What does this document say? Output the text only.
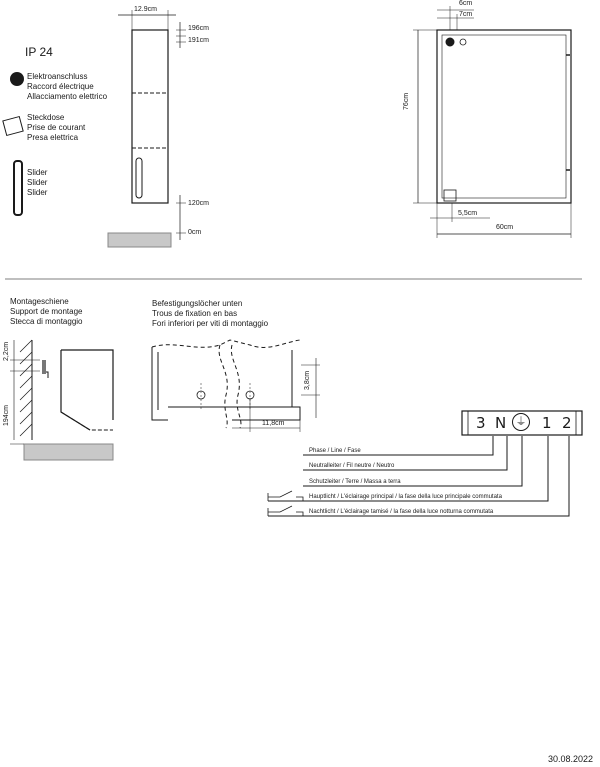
IP 24
Elektroanschluss
Raccord électrique
Allacciamento elettrico
Steckdose
Prise de courant
Presa elettrica
Slider
Slider
Slider
12.9cm
196cm
191cm
120cm
0cm
6cm
7cm
76cm
5,5cm
60cm
Montageschiene
Support de montage
Stecca di montaggio
2,2cm
194cm
Befestigungslöcher unten
Trous de fixation en bas
Fori inferiori per viti di montaggio
3,8cm
11,8cm	3 N ⏚ 1 2
Phase / Line / Fase
Neutralleiter / Fil neutre / Neutro
Schutzleiter / Terre / Massa a terra
Hauptlicht / L'éclairage principal / la fase della luce principale commutata
Nachtlicht / L'éclairage tamisé / la fase della luce notturna commutata
30.08.2022
